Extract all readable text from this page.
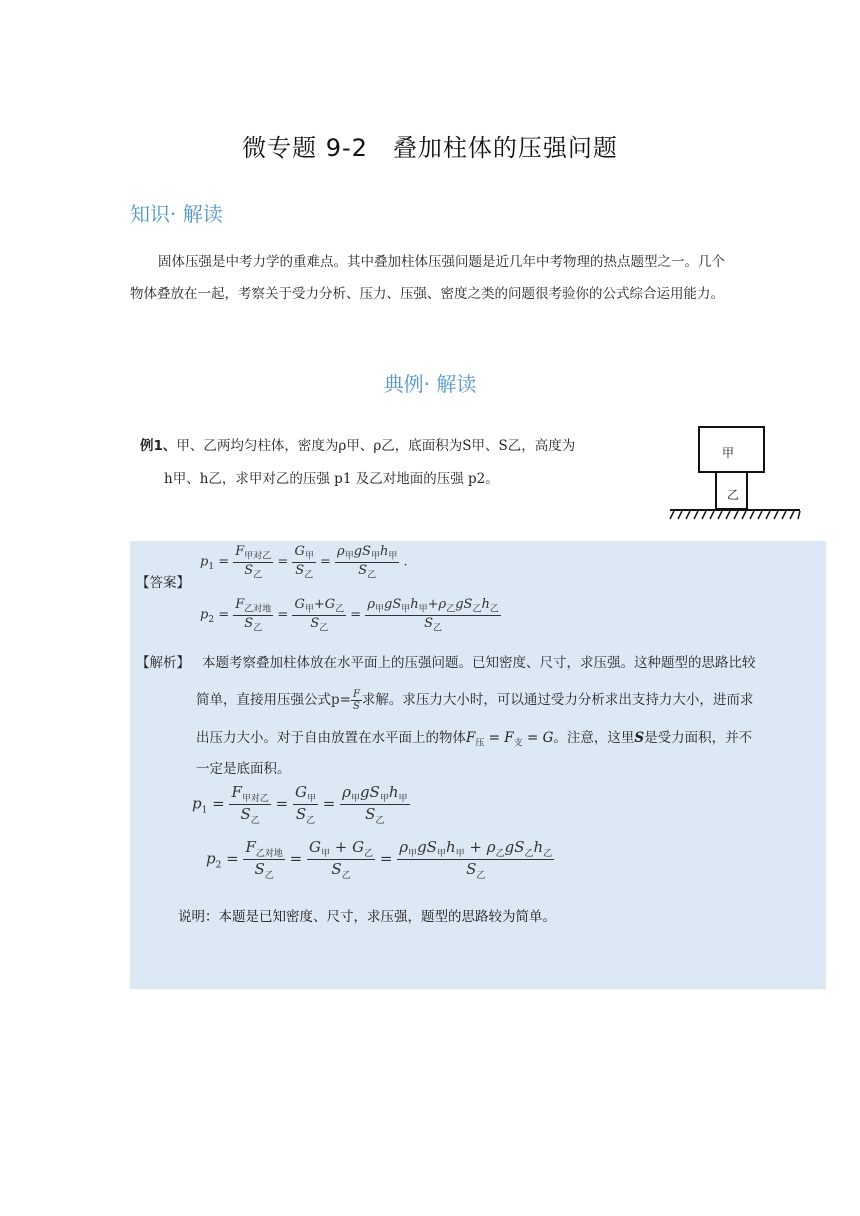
微专题 9-2　叠加柱体的压强问题
知识· 解读
固体压强是中考力学的重难点。其中叠加柱体压强问题是近几年中考物理的热点题型之一。几个物体叠放在一起，考察关于受力分析、压力、压强、密度之类的问题很考验你的公式综合运用能力。
典例· 解读
例1、甲、乙两均匀柱体，密度为ρ甲、ρ乙，底面积为S甲、S乙，高度为
h甲、h乙，求甲对乙的压强 p1 及乙对地面的压强 p2。
甲
乙
【答案】
$p_1 = \frac{F_{甲对乙}}{S_乙} = \frac{G_甲}{S_乙} = \frac{\rho_甲gS_甲h_甲}{S_乙}$ .
$p_2 = \frac{F_{乙对地}}{S_乙} = \frac{G_甲+G_乙}{S_乙} = \frac{\rho_甲gS_甲h_甲+\rho_乙gS_乙h_乙}{S_乙}$
【解析】 本题考察叠加柱体放在水平面上的压强问题。已知密度、尺寸，求压强。这种题型的思路比较
简单，直接用压强公式$p= \frac{F}{S}$ 求解。求压力大小时，可以通过受力分析求出支持力大小，进而求
出压力大小。对于自由放置在水平面上的物体$F_压 = F_支 = G$。注意，这里S是受力面积，并不
一定是底面积。
$p_1 = \frac{F_{甲对乙}}{S_乙} = \frac{G_甲}{S_乙} = \frac{\rho_甲gS_甲h_甲}{S_乙}$
$p_2 = \frac{F_{乙对地}}{S_乙} = \frac{G_甲 + G_乙}{S_乙} = \frac{\rho_甲gS_甲h_甲 + \rho_乙gS_乙h_乙}{S_乙}$
说明：本题是已知密度、尺寸，求压强，题型的思路较为简单。
